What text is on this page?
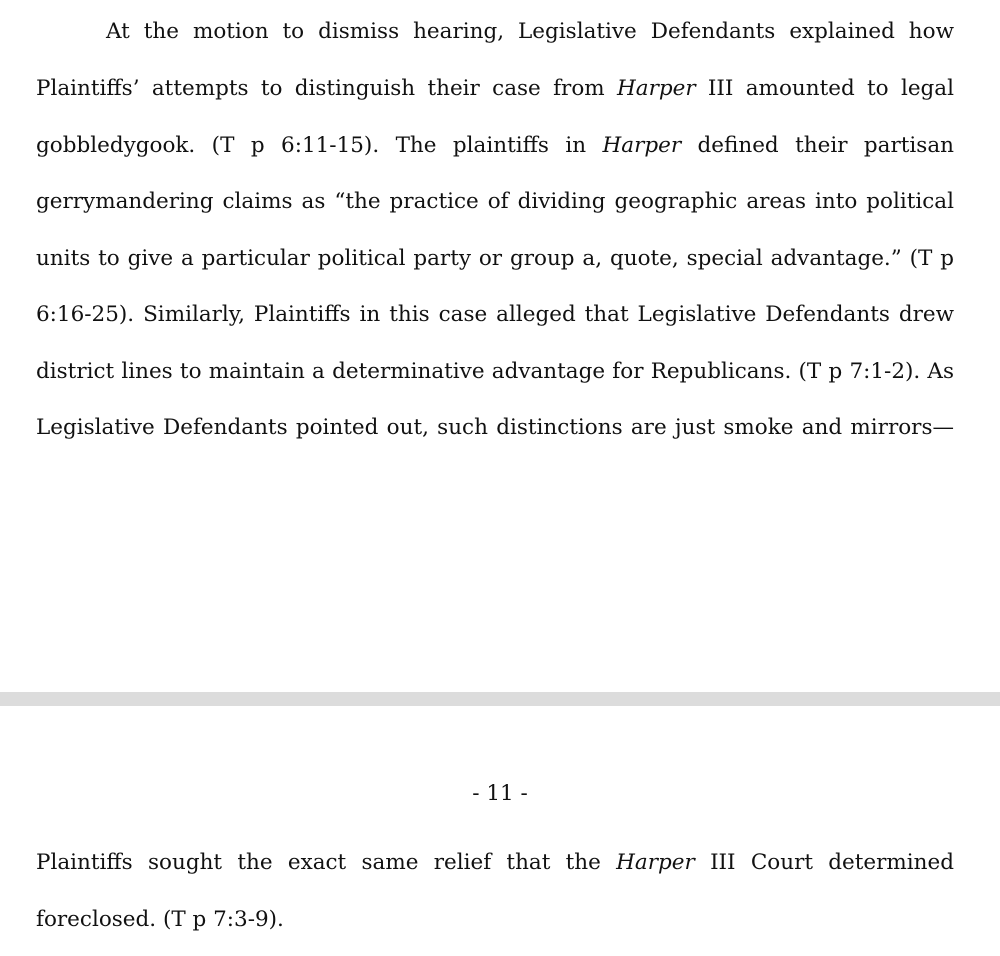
At the motion to dismiss hearing, Legislative Defendants explained how
Plaintiffs’ attempts to distinguish their case from Harper III amounted to legal
gobbledygook. (T p 6:11-15). The plaintiffs in Harper defined their partisan
gerrymandering claims as “the practice of dividing geographic areas into political
units to give a particular political party or group a, quote, special advantage.” (T p
6:16-25). Similarly, Plaintiffs in this case alleged that Legislative Defendants drew
district lines to maintain a determinative advantage for Republicans. (T p 7:1-2). As
Legislative Defendants pointed out, such distinctions are just smoke and mirrors—
- 11 -
Plaintiffs sought the exact same relief that the Harper III Court determined
foreclosed. (T p 7:3-9).
